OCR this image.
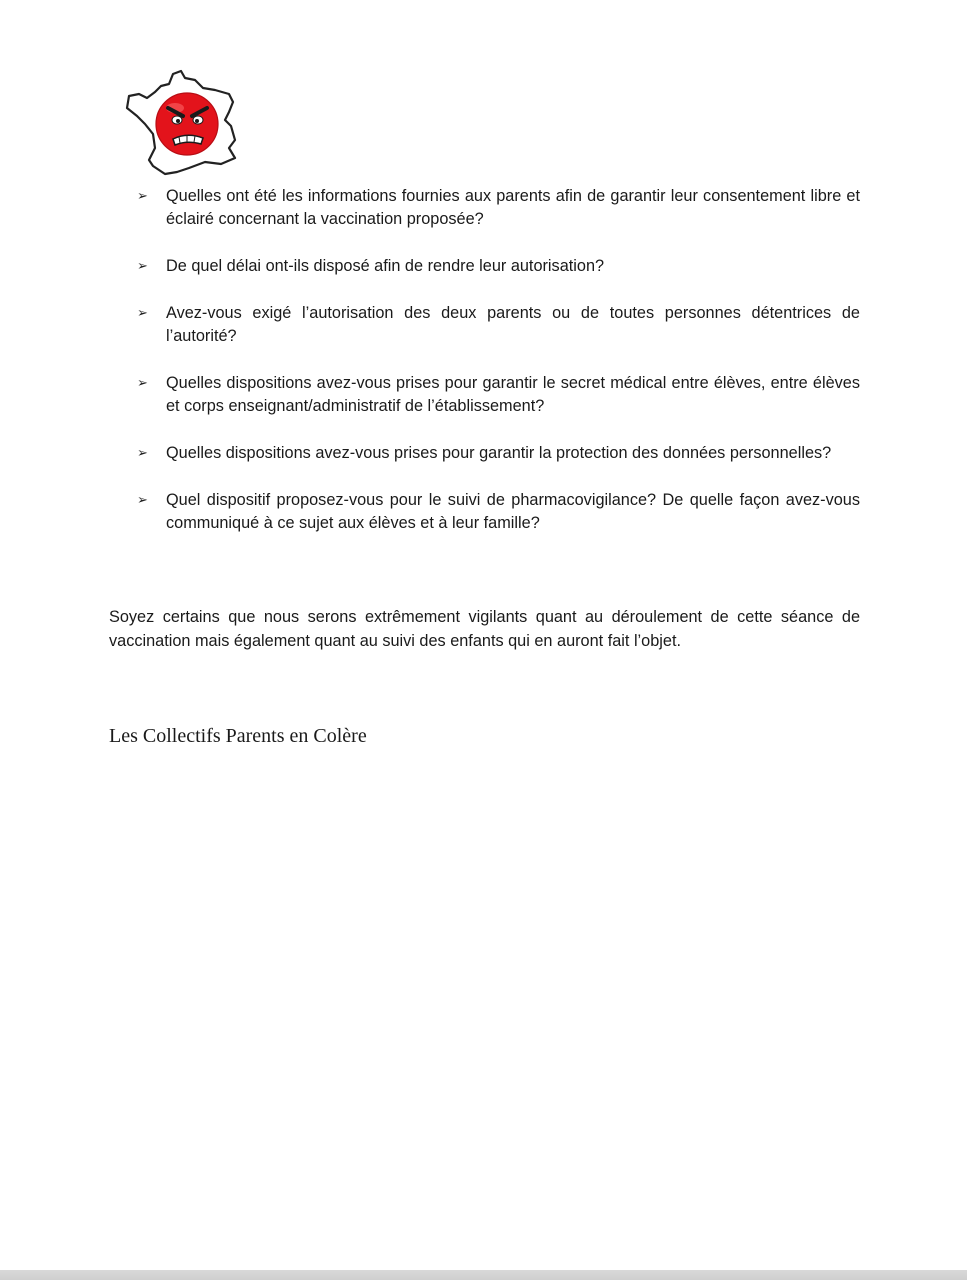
➢ Quelles ont été les informations fournies aux parents afin de garantir leur consentement libre et éclairé concernant la vaccination proposée?
➢ De quel délai ont-ils disposé afin de rendre leur autorisation?
➢ Avez-vous exigé l’autorisation des deux parents ou de toutes personnes détentrices de l’autorité?
➢ Quelles dispositions avez-vous prises pour garantir le secret médical entre élèves, entre élèves et corps enseignant/administratif de l’établissement?
➢ Quelles dispositions avez-vous prises pour garantir la protection des données personnelles?
➢ Quel dispositif proposez-vous pour le suivi de pharmacovigilance? De quelle façon avez-vous communiqué à ce sujet aux élèves et à leur famille?

Soyez certains que nous serons extrêmement vigilants quant au déroulement de cette séance de vaccination mais également quant au suivi des enfants qui en auront fait l’objet.

Les Collectifs Parents en Colère
